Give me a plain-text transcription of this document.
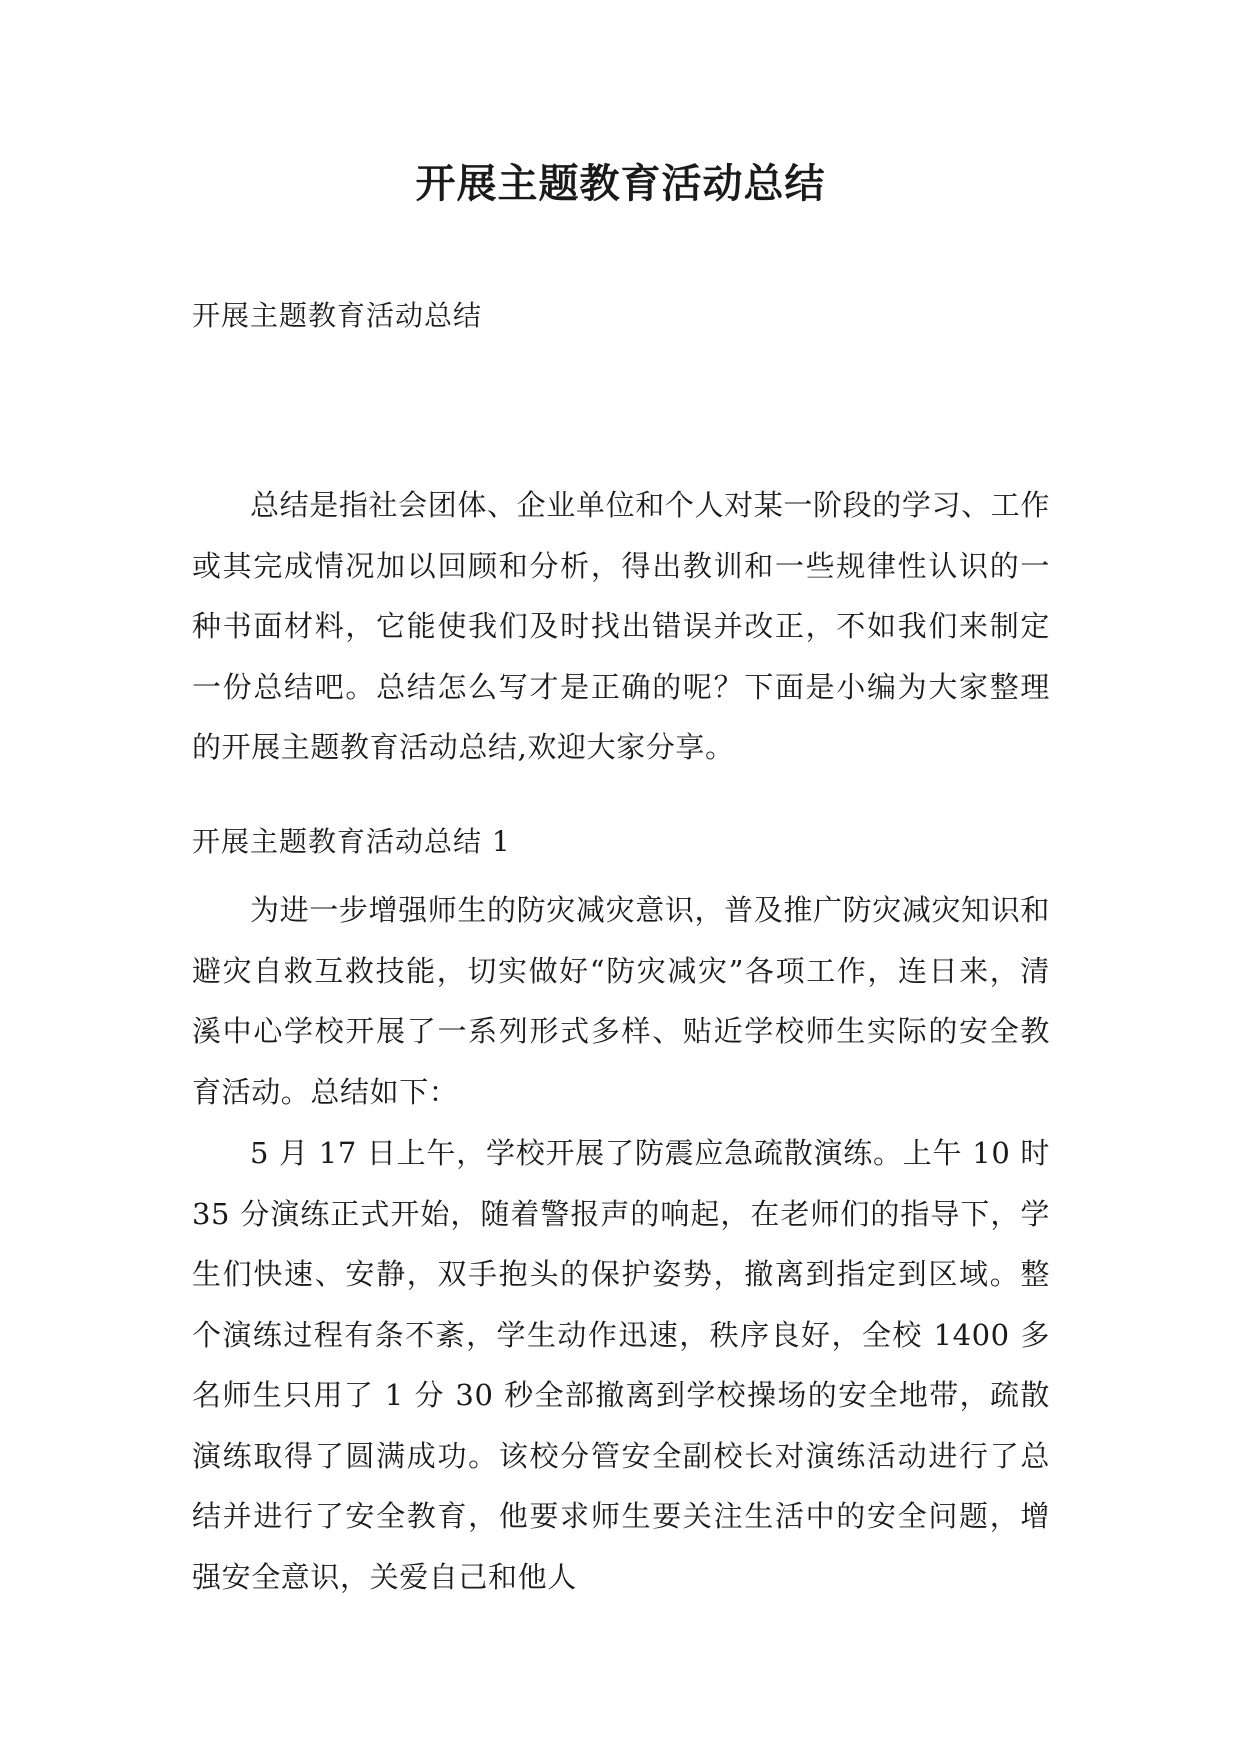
开展主题教育活动总结

开展主题教育活动总结

总结是指社会团体、企业单位和个人对某一阶段的学习、工作或其完成情况加以回顾和分析，得出教训和一些规律性认识的一种书面材料，它能使我们及时找出错误并改正，不如我们来制定一份总结吧。总结怎么写才是正确的呢？下面是小编为大家整理的开展主题教育活动总结,欢迎大家分享。

开展主题教育活动总结 1

为进一步增强师生的防灾减灾意识，普及推广防灾减灾知识和避灾自救互救技能，切实做好“防灾减灾”各项工作，连日来，清溪中心学校开展了一系列形式多样、贴近学校师生实际的安全教育活动。总结如下：

5 月 17 日上午，学校开展了防震应急疏散演练。上午 10 时 35 分演练正式开始，随着警报声的响起，在老师们的指导下，学生们快速、安静，双手抱头的保护姿势，撤离到指定到区域。整个演练过程有条不紊，学生动作迅速，秩序良好，全校 1400 多名师生只用了 1 分 30 秒全部撤离到学校操场的安全地带，疏散演练取得了圆满成功。该校分管安全副校长对演练活动进行了总结并进行了安全教育，他要求师生要关注生活中的安全问题，增强安全意识，关爱自己和他人
